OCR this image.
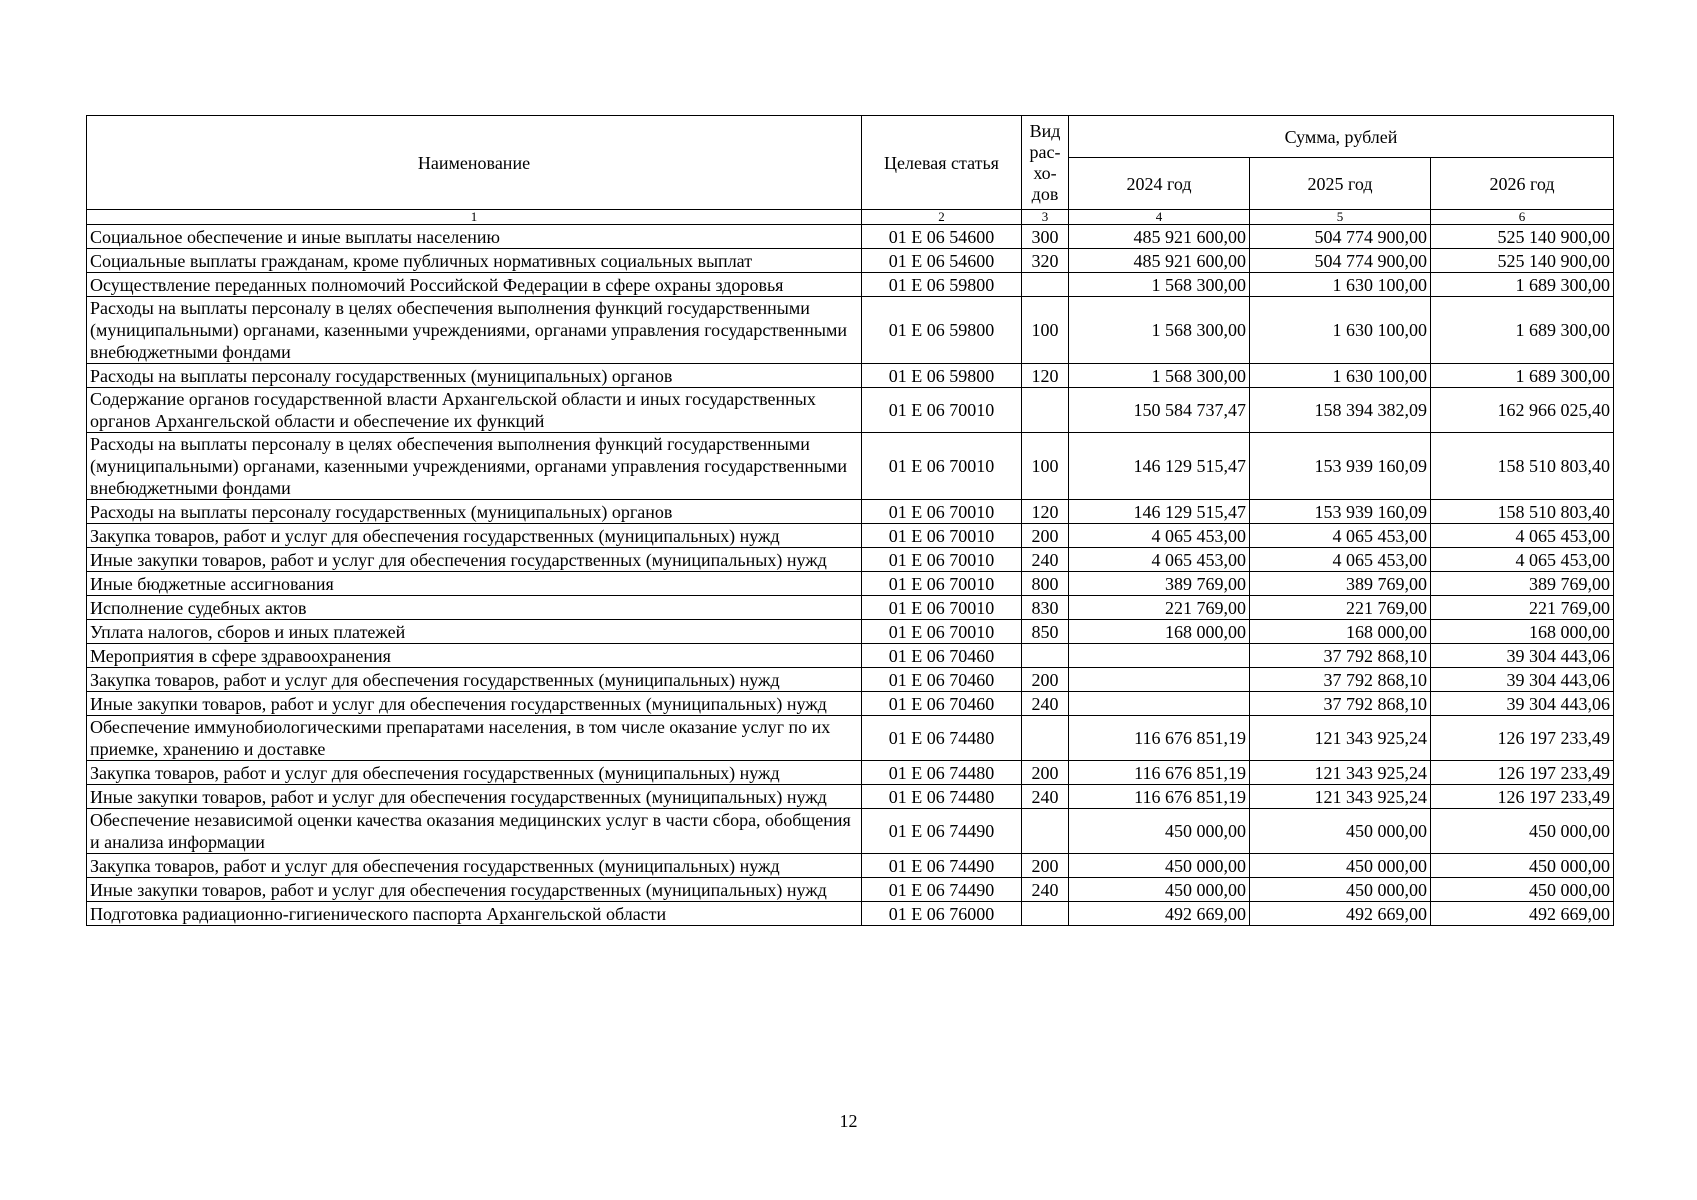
Наименование	Целевая статья	Вид рас-хо-дов	Сумма, рублей		
			2024 год	2025 год	2026 год
1	2	3	4	5	6
Социальное обеспечение и иные выплаты населению	01 Е 06 54600	300	485 921 600,00	504 774 900,00	525 140 900,00
Социальные выплаты гражданам, кроме публичных нормативных социальных выплат	01 Е 06 54600	320	485 921 600,00	504 774 900,00	525 140 900,00
Осуществление переданных полномочий Российской Федерации в сфере охраны здоровья	01 Е 06 59800		1 568 300,00	1 630 100,00	1 689 300,00
Расходы на выплаты персоналу в целях обеспечения выполнения функций государственными (муниципальными) органами, казенными учреждениями, органами управления государственными внебюджетными фондами	01 Е 06 59800	100	1 568 300,00	1 630 100,00	1 689 300,00
Расходы на выплаты персоналу государственных (муниципальных) органов	01 Е 06 59800	120	1 568 300,00	1 630 100,00	1 689 300,00
Содержание органов государственной власти Архангельской области и иных государственных органов Архангельской области и обеспечение их функций	01 Е 06 70010		150 584 737,47	158 394 382,09	162 966 025,40
Расходы на выплаты персоналу в целях обеспечения выполнения функций государственными (муниципальными) органами, казенными учреждениями, органами управления государственными внебюджетными фондами	01 Е 06 70010	100	146 129 515,47	153 939 160,09	158 510 803,40
Расходы на выплаты персоналу государственных (муниципальных) органов	01 Е 06 70010	120	146 129 515,47	153 939 160,09	158 510 803,40
Закупка товаров, работ и услуг для обеспечения государственных (муниципальных) нужд	01 Е 06 70010	200	4 065 453,00	4 065 453,00	4 065 453,00
Иные закупки товаров, работ и услуг для обеспечения государственных (муниципальных) нужд	01 Е 06 70010	240	4 065 453,00	4 065 453,00	4 065 453,00
Иные бюджетные ассигнования	01 Е 06 70010	800	389 769,00	389 769,00	389 769,00
Исполнение судебных актов	01 Е 06 70010	830	221 769,00	221 769,00	221 769,00
Уплата налогов, сборов и иных платежей	01 Е 06 70010	850	168 000,00	168 000,00	168 000,00
Мероприятия в сфере здравоохранения	01 Е 06 70460			37 792 868,10	39 304 443,06
Закупка товаров, работ и услуг для обеспечения государственных (муниципальных) нужд	01 Е 06 70460	200		37 792 868,10	39 304 443,06
Иные закупки товаров, работ и услуг для обеспечения государственных (муниципальных) нужд	01 Е 06 70460	240		37 792 868,10	39 304 443,06
Обеспечение иммунобиологическими препаратами населения, в том числе оказание услуг по их приемке, хранению и доставке	01 Е 06 74480		116 676 851,19	121 343 925,24	126 197 233,49
Закупка товаров, работ и услуг для обеспечения государственных (муниципальных) нужд	01 Е 06 74480	200	116 676 851,19	121 343 925,24	126 197 233,49
Иные закупки товаров, работ и услуг для обеспечения государственных (муниципальных) нужд	01 Е 06 74480	240	116 676 851,19	121 343 925,24	126 197 233,49
Обеспечение независимой оценки качества оказания медицинских услуг в части сбора, обобщения и анализа информации	01 Е 06 74490		450 000,00	450 000,00	450 000,00
Закупка товаров, работ и услуг для обеспечения государственных (муниципальных) нужд	01 Е 06 74490	200	450 000,00	450 000,00	450 000,00
Иные закупки товаров, работ и услуг для обеспечения государственных (муниципальных) нужд	01 Е 06 74490	240	450 000,00	450 000,00	450 000,00
Подготовка радиационно-гигиенического паспорта Архангельской области	01 Е 06 76000		492 669,00	492 669,00	492 669,00
12
